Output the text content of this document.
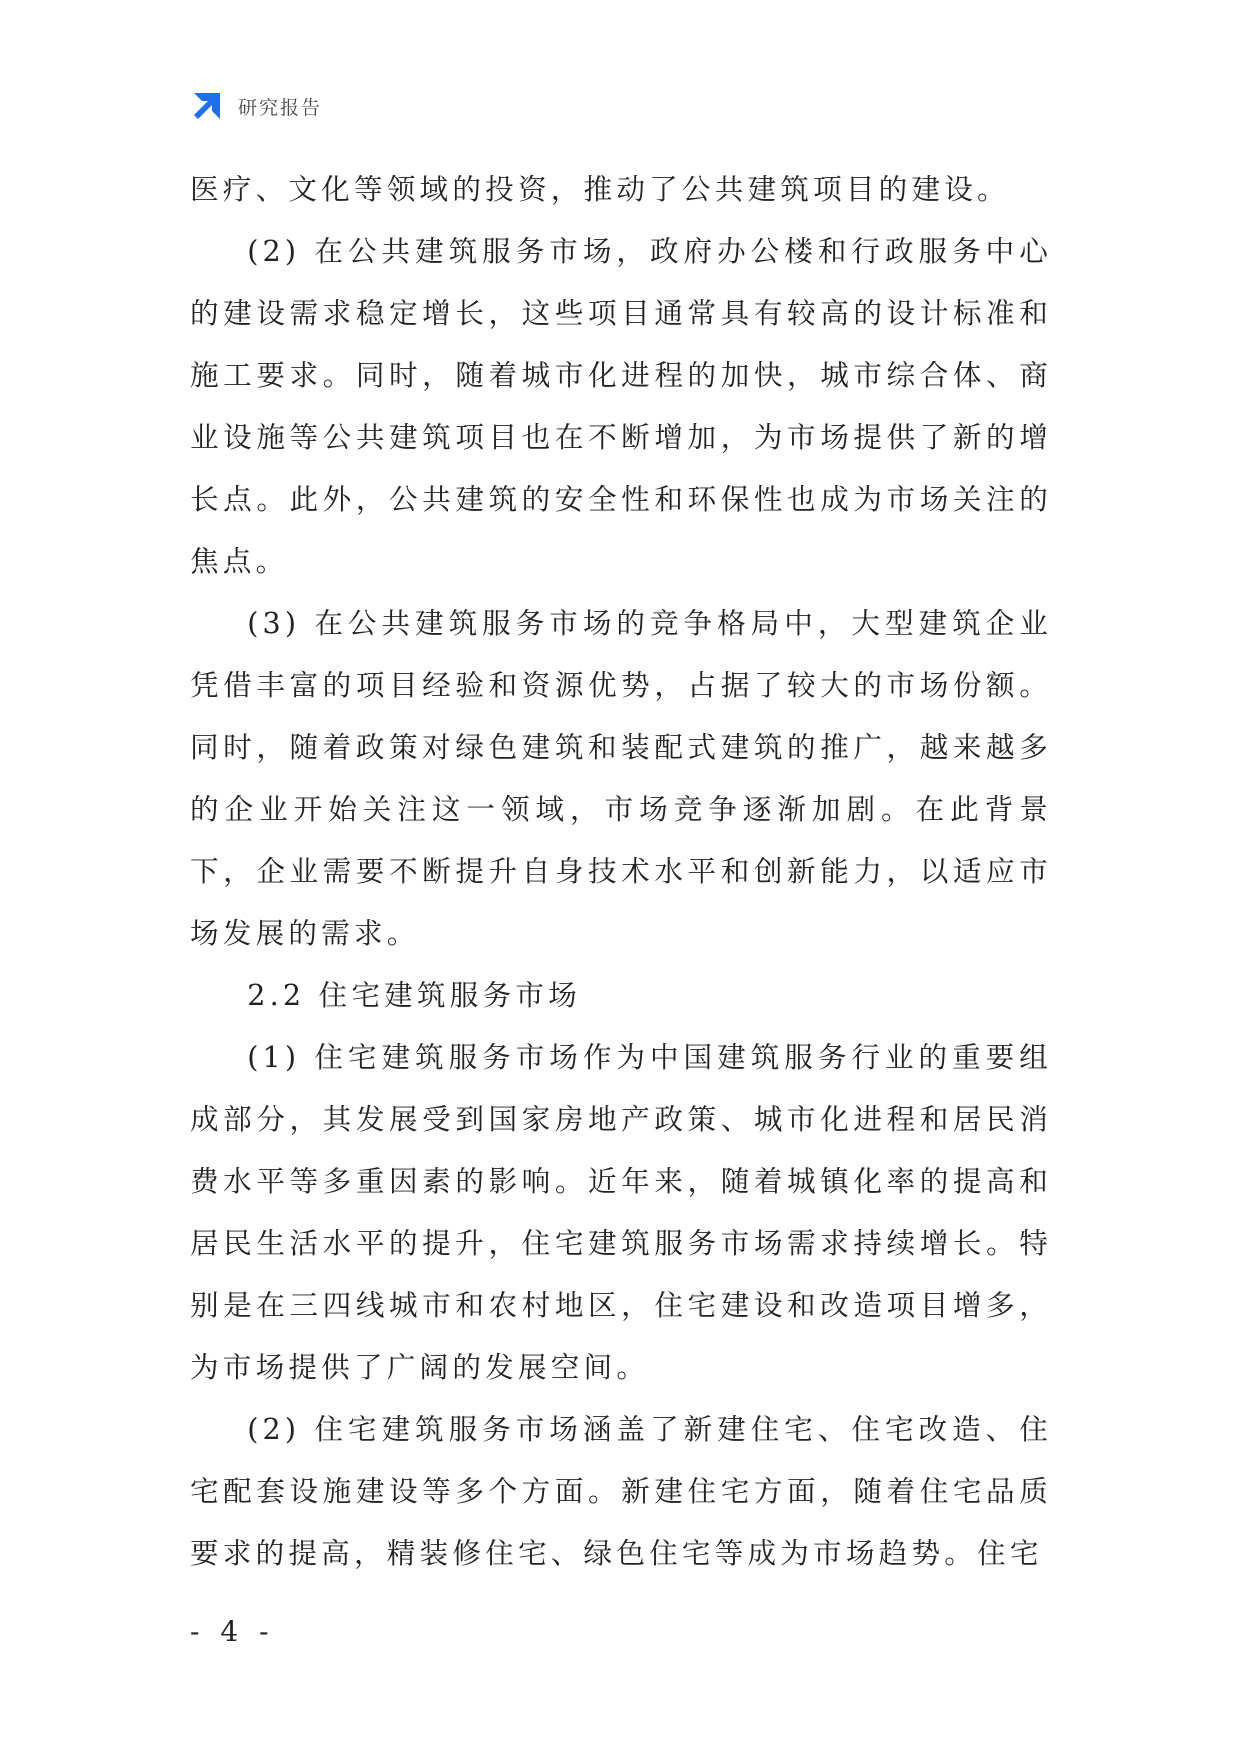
研究报告

医疗、文化等领域的投资，推动了公共建筑项目的建设。

(2) 在公共建筑服务市场，政府办公楼和行政服务中心的建设需求稳定增长，这些项目通常具有较高的设计标准和施工要求。同时，随着城市化进程的加快，城市综合体、商业设施等公共建筑项目也在不断增加，为市场提供了新的增长点。此外，公共建筑的安全性和环保性也成为市场关注的焦点。

(3) 在公共建筑服务市场的竞争格局中，大型建筑企业凭借丰富的项目经验和资源优势，占据了较大的市场份额。同时，随着政策对绿色建筑和装配式建筑的推广，越来越多的企业开始关注这一领域，市场竞争逐渐加剧。在此背景下，企业需要不断提升自身技术水平和创新能力，以适应市场发展的需求。

2.2 住宅建筑服务市场

(1) 住宅建筑服务市场作为中国建筑服务行业的重要组成部分，其发展受到国家房地产政策、城市化进程和居民消费水平等多重因素的影响。近年来，随着城镇化率的提高和居民生活水平的提升，住宅建筑服务市场需求持续增长。特别是在三四线城市和农村地区，住宅建设和改造项目增多，为市场提供了广阔的发展空间。

(2) 住宅建筑服务市场涵盖了新建住宅、住宅改造、住宅配套设施建设等多个方面。新建住宅方面，随着住宅品质要求的提高，精装修住宅、绿色住宅等成为市场趋势。住宅

- 4 -
